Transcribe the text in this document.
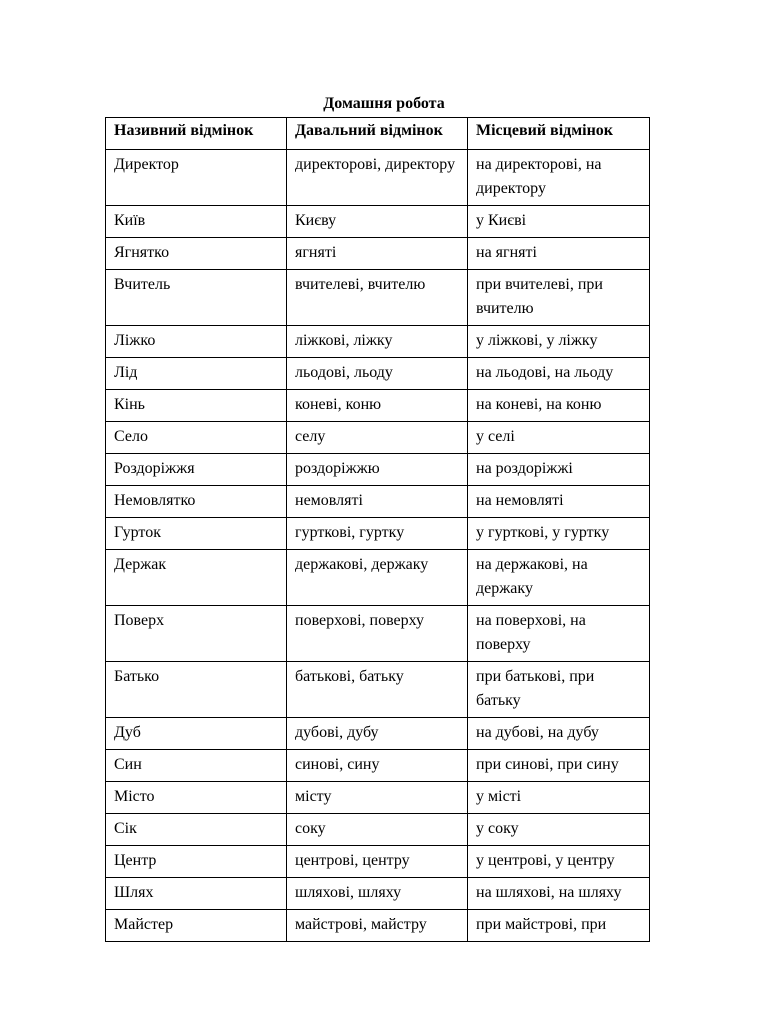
Домашня робота
Називний відмінок	Давальний відмінок	Місцевий відмінок
Директор	директорові, директору	на директорові, на директору
Київ	Києву	у Києві
Ягнятко	ягняті	на ягняті
Вчитель	вчителеві, вчителю	при вчителеві, при вчителю
Ліжко	ліжкові, ліжку	у ліжкові, у ліжку
Лід	льодові, льоду	на льодові, на льоду
Кінь	коневі, коню	на коневі, на коню
Село	селу	у селі
Роздоріжжя	роздоріжжю	на роздоріжжі
Немовлятко	немовляті	на немовляті
Гурток	гуртковi, гуртку	у гуртковi, у гуртку
Держак	держакові, держаку	на держакові, на держаку
Поверх	поверхові, поверху	на поверхові, на поверху
Батько	батькові, батьку	при батькові, при батьку
Дуб	дубові, дубу	на дубові, на дубу
Син	синові, сину	при синові, при сину
Місто	місту	у місті
Сік	соку	у соку
Центр	центрові, центру	у центрові, у центру
Шлях	шляхові, шляху	на шляхові, на шляху
Майстер	майстрові, майстру	при майстрові, при
